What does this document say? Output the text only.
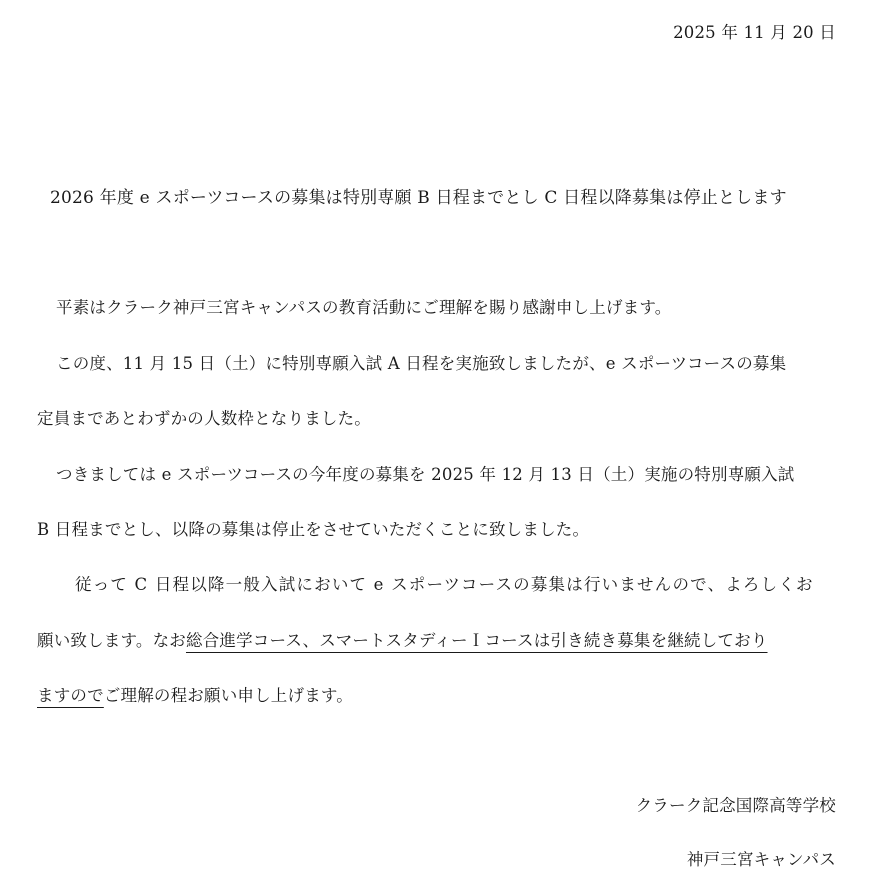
2025 年 11 月 20 日
2026 年度 e スポーツコースの募集は特別専願 B 日程までとし C 日程以降募集は停止とします
平素はクラーク神戸三宮キャンパスの教育活動にご理解を賜り感謝申し上げます。
この度、11 月 15 日（土）に特別専願入試 A 日程を実施致しましたが、e スポーツコースの募集
定員まであとわずかの人数枠となりました。
つきましては e スポーツコースの今年度の募集を 2025 年 12 月 13 日（土）実施の特別専願入試
B 日程までとし、以降の募集は停止をさせていただくことに致しました。
従って C 日程以降一般入試において e スポーツコースの募集は行いませんので、よろしくお
願い致します。なお総合進学コース、スマートスタディーＩコースは引き続き募集を継続しており
ますのでご理解の程お願い申し上げます。
クラーク記念国際高等学校
神戸三宮キャンパス
